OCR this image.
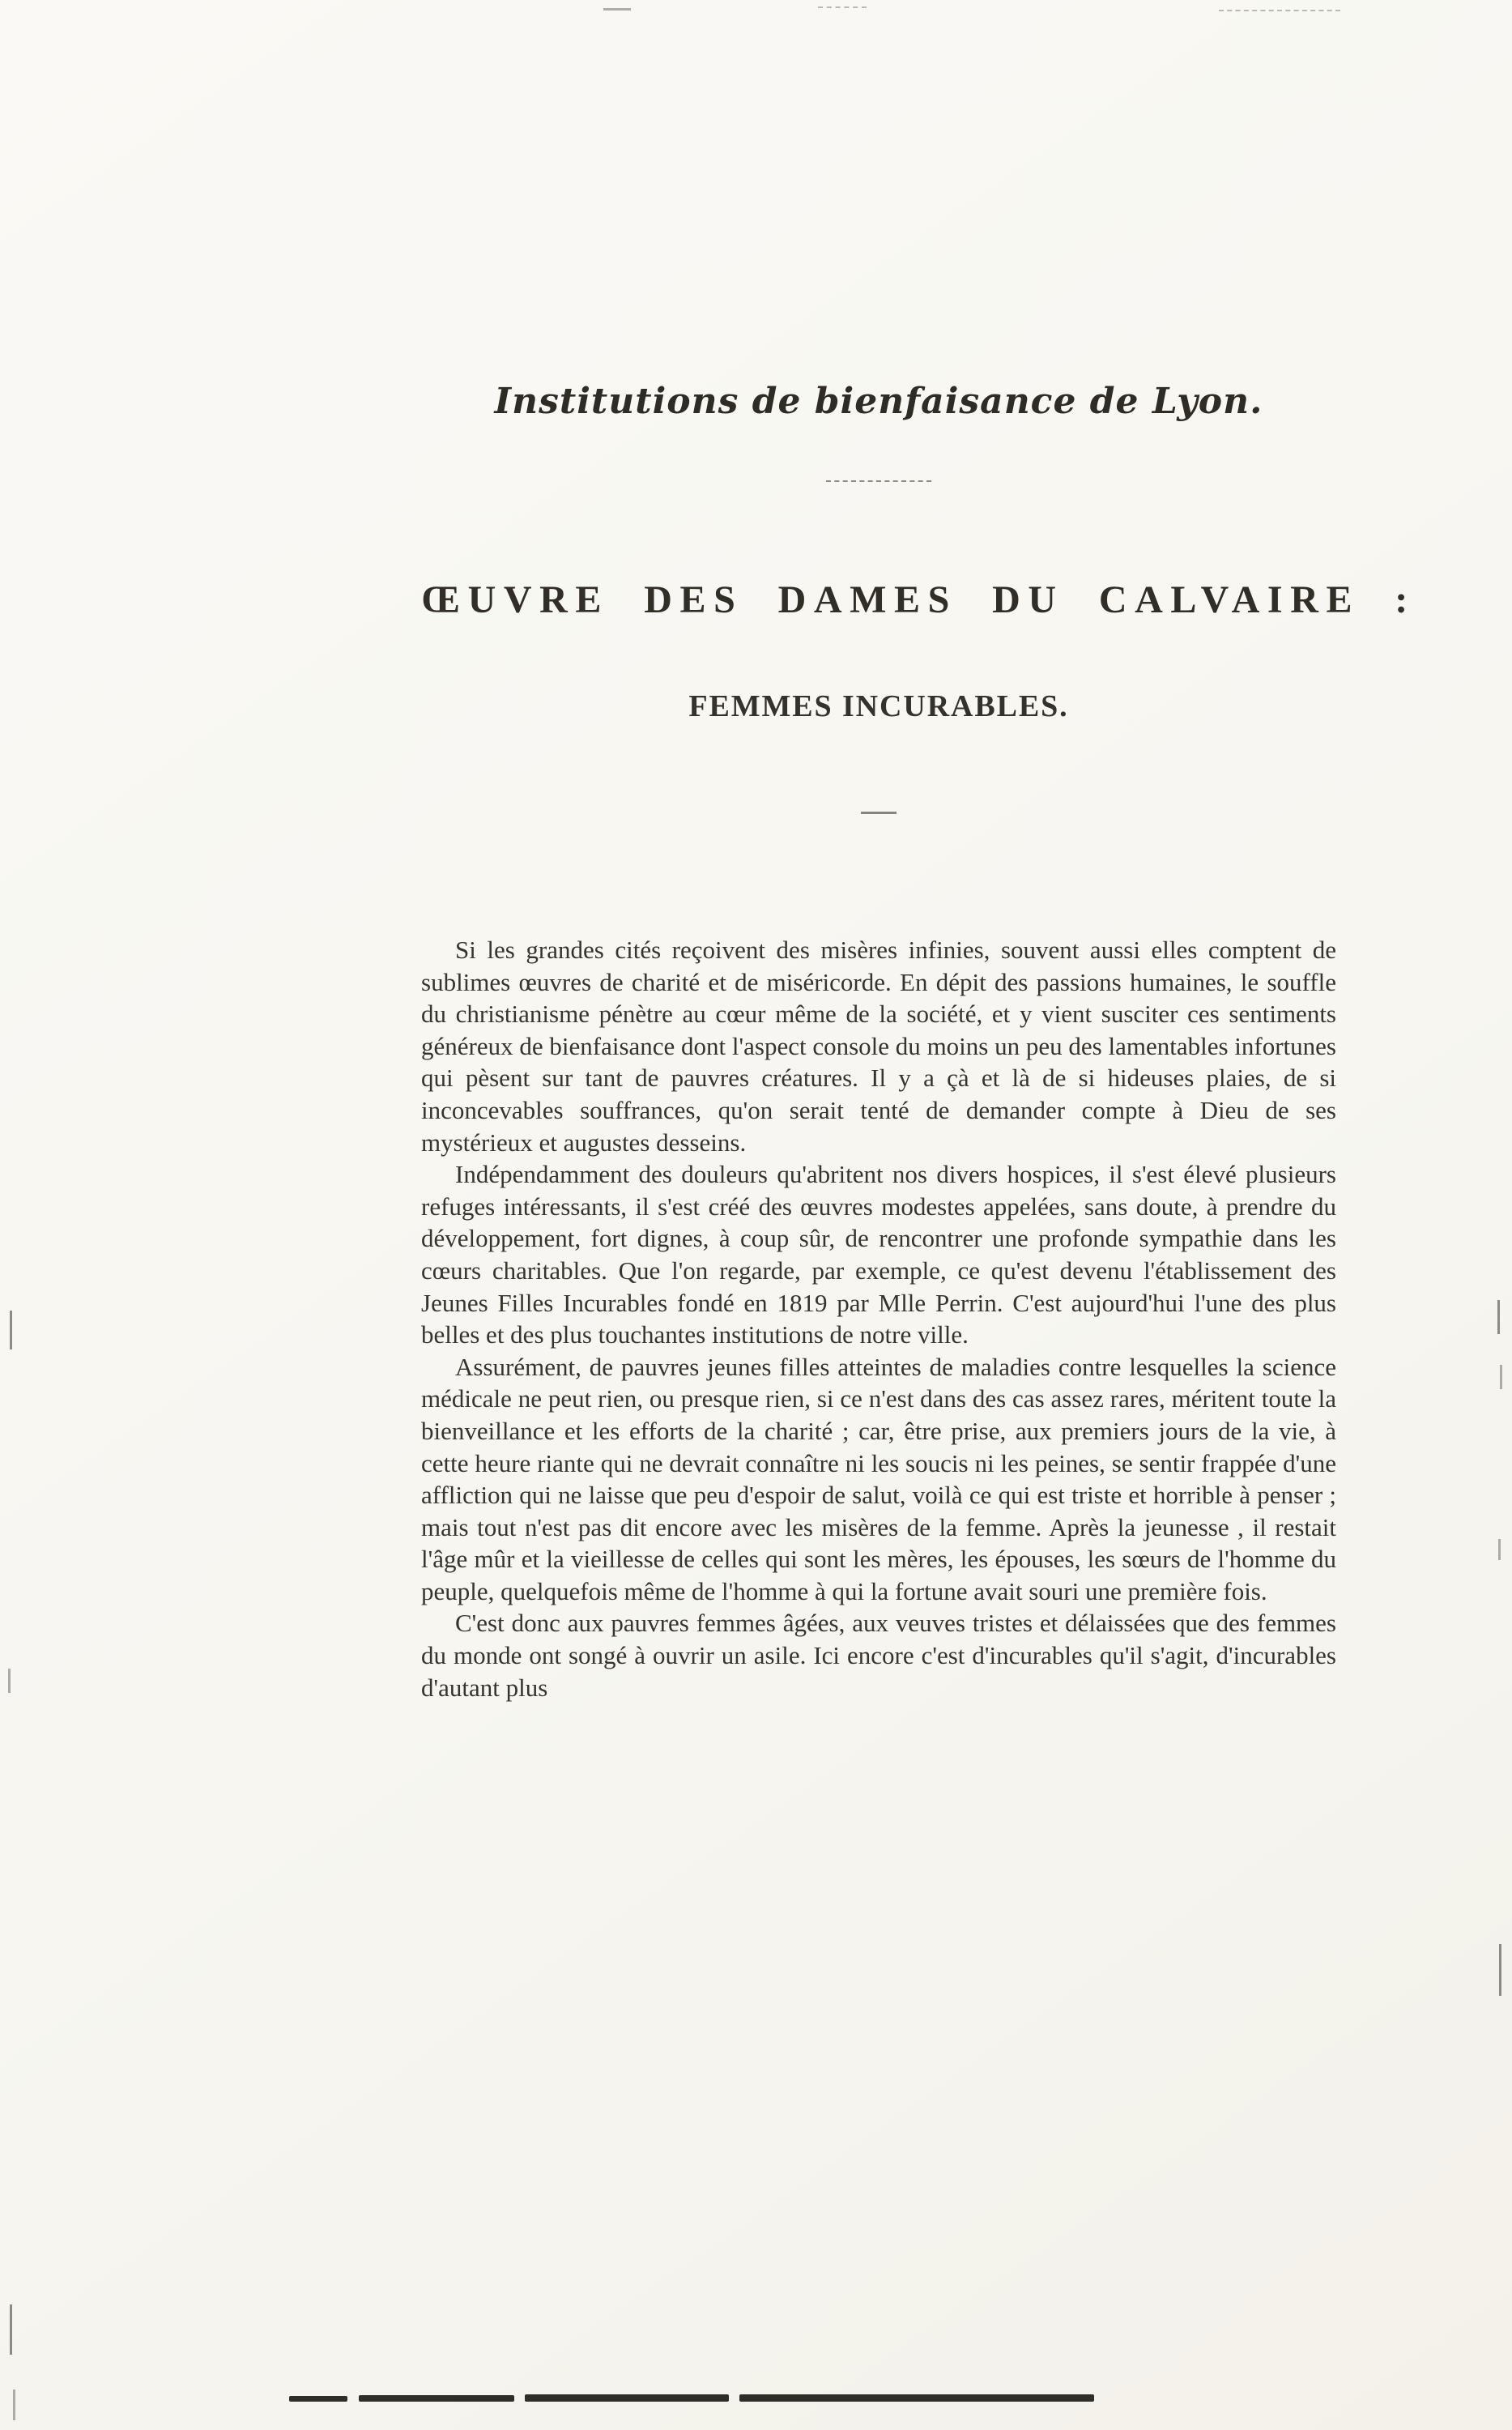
Institutions de bienfaisance de Lyon.
ŒUVRE DES DAMES DU CALVAIRE :
FEMMES INCURABLES.

Si les grandes cités reçoivent des misères infinies, souvent aussi elles comptent de sublimes œuvres de charité et de miséricorde. En dépit des passions humaines, le souffle du christianisme pénètre au cœur même de la société, et y vient susciter ces sentiments généreux de bienfaisance dont l'aspect console du moins un peu des lamentables infortunes qui pèsent sur tant de pauvres créatures. Il y a çà et là de si hideuses plaies, de si inconcevables souffrances, qu'on serait tenté de demander compte à Dieu de ses mystérieux et augustes desseins.

Indépendamment des douleurs qu'abritent nos divers hospices, il s'est élevé plusieurs refuges intéressants, il s'est créé des œuvres modestes appelées, sans doute, à prendre du développement, fort dignes, à coup sûr, de rencontrer une profonde sympathie dans les cœurs charitables. Que l'on regarde, par exemple, ce qu'est devenu l'établissement des Jeunes Filles Incurables fondé en 1819 par Mlle Perrin. C'est aujourd'hui l'une des plus belles et des plus touchantes institutions de notre ville.

Assurément, de pauvres jeunes filles atteintes de maladies contre lesquelles la science médicale ne peut rien, ou presque rien, si ce n'est dans des cas assez rares, méritent toute la bienveillance et les efforts de la charité ; car, être prise, aux premiers jours de la vie, à cette heure riante qui ne devrait connaître ni les soucis ni les peines, se sentir frappée d'une affliction qui ne laisse que peu d'espoir de salut, voilà ce qui est triste et horrible à penser ; mais tout n'est pas dit encore avec les misères de la femme. Après la jeunesse , il restait l'âge mûr et la vieillesse de celles qui sont les mères, les épouses, les sœurs de l'homme du peuple, quelquefois même de l'homme à qui la fortune avait souri une première fois.

C'est donc aux pauvres femmes âgées, aux veuves tristes et délaissées que des femmes du monde ont songé à ouvrir un asile. Ici encore c'est d'incurables qu'il s'agit, d'incurables d'autant plus
